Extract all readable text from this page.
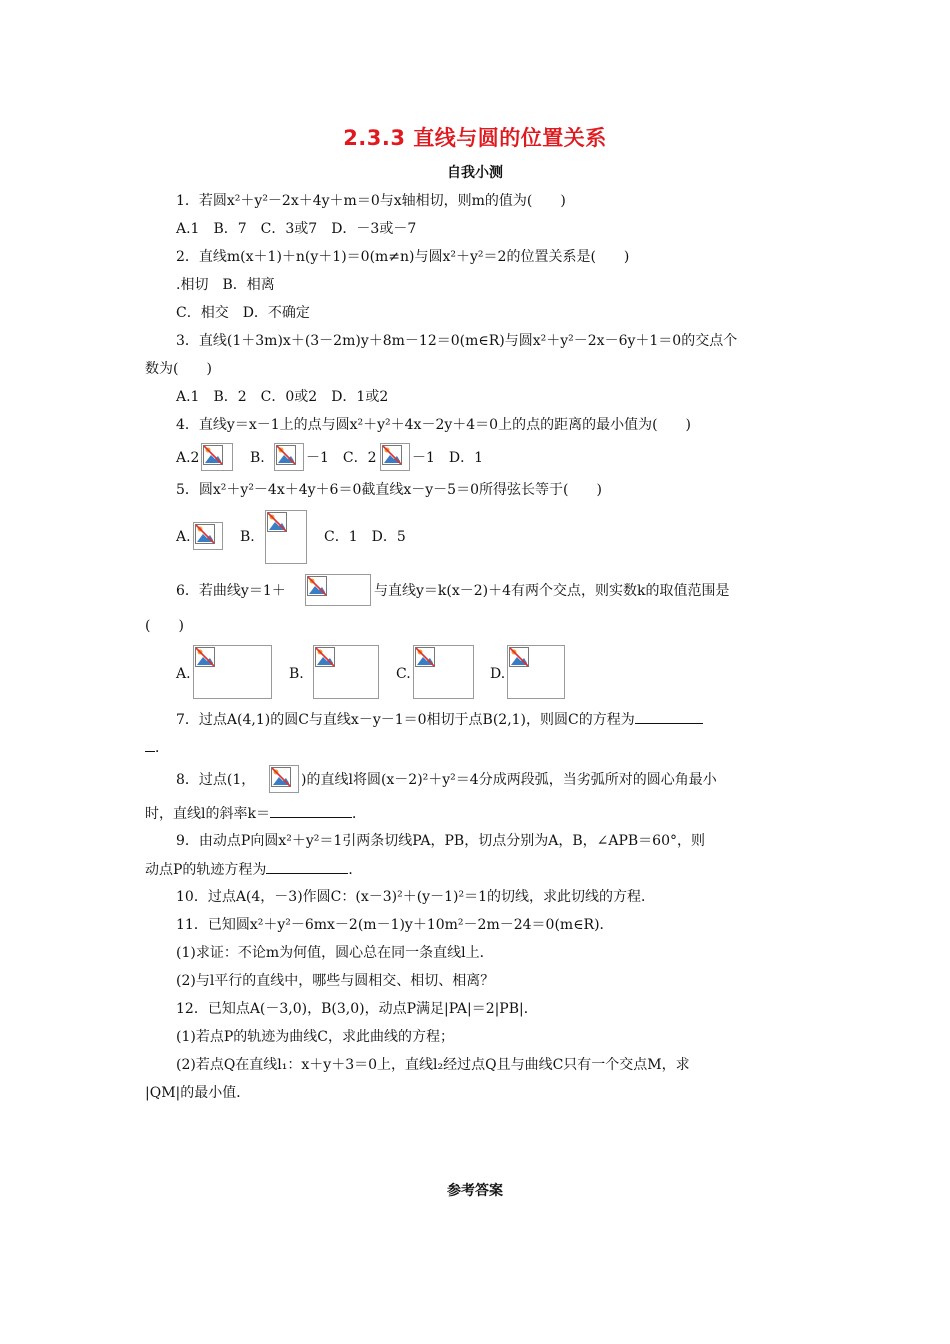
2.3.3 直线与圆的位置关系
自我小测
1．若圆x²＋y²－2x＋4y＋m＝0与x轴相切，则m的值为(　　)
A.1　B．7　C．3或7　D．－3或－7
2．直线m(x＋1)＋n(y＋1)＝0(m≠n)与圆x²＋y²＝2的位置关系是(　　)
.相切　B．相离
C．相交　D．不确定
3．直线(1＋3m)x＋(3－2m)y＋8m－12＝0(m∈R)与圆x²＋y²－2x－6y＋1＝0的交点个
数为(　　)
A.1　B．2　C．0或2　D．1或2
4．直线y＝x－1上的点与圆x²＋y²＋4x－2y＋4＝0上的点的距离的最小值为(　　)
A.2	B.	－1　C．2	－1　D．1
5．圆x²＋y²－4x＋4y＋6＝0截直线x－y－5＝0所得弦长等于(　　)
A.	B.	C．1　D．5
6．若曲线y＝1＋	与直线y＝k(x－2)＋4有两个交点，则实数k的取值范围是
(　　)
A.	B.	C.	D.
7．过点A(4,1)的圆C与直线x－y－1＝0相切于点B(2,1)，则圆C的方程为
．
8．过点(1，	)的直线l将圆(x－2)²＋y²＝4分成两段弧，当劣弧所对的圆心角最小
时，直线l的斜率k＝	．
9．由动点P向圆x²＋y²＝1引两条切线PA，PB，切点分别为A，B，∠APB＝60°，则
动点P的轨迹方程为	．
10．过点A(4，－3)作圆C：(x－3)²＋(y－1)²＝1的切线，求此切线的方程．
11．已知圆x²＋y²－6mx－2(m－1)y＋10m²－2m－24＝0(m∈R)．
(1)求证：不论m为何值，圆心总在同一条直线l上．
(2)与l平行的直线中，哪些与圆相交、相切、相离？
12．已知点A(－3,0)，B(3,0)，动点P满足|PA|＝2|PB|．
(1)若点P的轨迹为曲线C，求此曲线的方程；
(2)若点Q在直线l₁：x＋y＋3＝0上，直线l₂经过点Q且与曲线C只有一个交点M，求
|QM|的最小值．
参考答案
